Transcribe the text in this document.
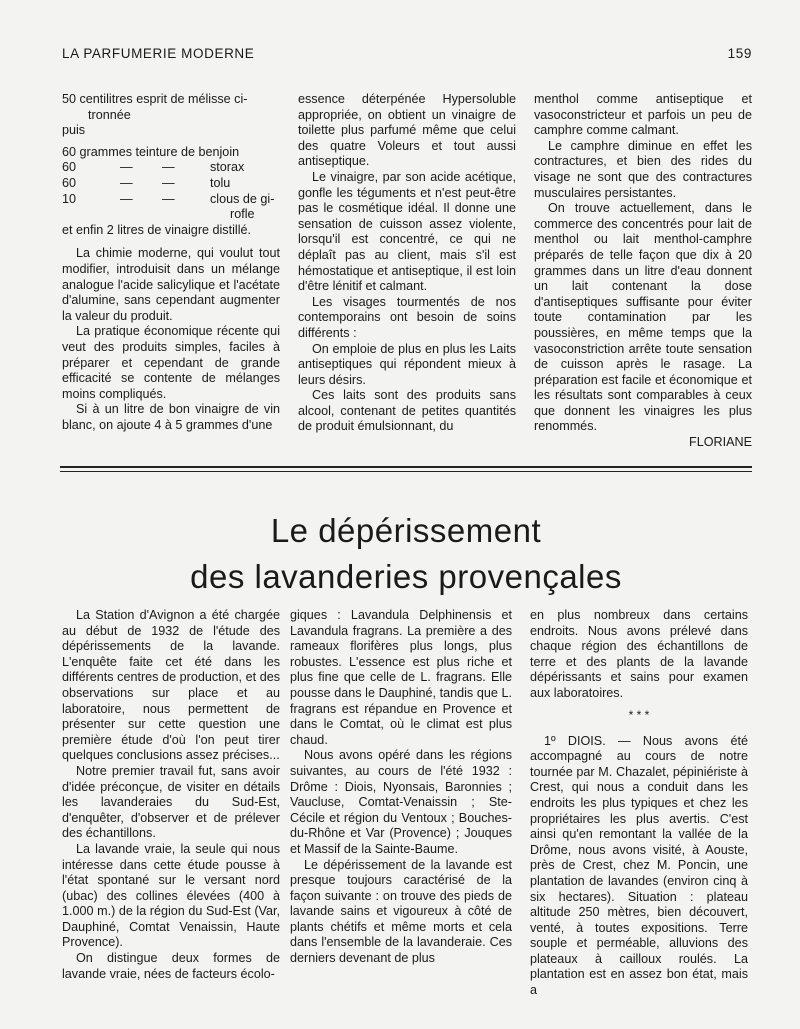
LA PARFUMERIE MODERNE	159
50 centilitres esprit de mélisse ci-
tronnée
puis
60 grammes teinture de benjoin
60	— —	storax
60	— —	tolu
10	— —	clous de gi-
rofle
et enfin 2 litres de vinaigre distillé.

La chimie moderne, qui voulut tout modifier, introduisit dans un mélange analogue l'acide salicylique et l'acétate d'alumine, sans cependant augmenter la valeur du produit.

La pratique économique récente qui veut des produits simples, faciles à préparer et cependant de grande efficacité se contente de mélanges moins compliqués.

Si à un litre de bon vinaigre de vin blanc, on ajoute 4 à 5 grammes d'une

essence déterpénée Hypersoluble appropriée, on obtient un vinaigre de toilette plus parfumé même que celui des quatre Voleurs et tout aussi antiseptique.

Le vinaigre, par son acide acétique, gonfle les téguments et n'est peut-être pas le cosmétique idéal. Il donne une sensation de cuisson assez violente, lorsqu'il est concentré, ce qui ne déplaît pas au client, mais s'il est hémostatique et antiseptique, il est loin d'être lénitif et calmant.

Les visages tourmentés de nos contemporains ont besoin de soins différents :

On emploie de plus en plus les Laits antiseptiques qui répondent mieux à leurs désirs.

Ces laits sont des produits sans alcool, contenant de petites quantités de produit émulsionnant, du

menthol comme antiseptique et vasoconstricteur et parfois un peu de camphre comme calmant.

Le camphre diminue en effet les contractures, et bien des rides du visage ne sont que des contractures musculaires persistantes.

On trouve actuellement, dans le commerce des concentrés pour lait de menthol ou lait menthol-camphre préparés de telle façon que dix à 20 grammes dans un litre d'eau donnent un lait contenant la dose d'antiseptiques suffisante pour éviter toute contamination par les poussières, en même temps que la vasoconstriction arrête toute sensation de cuisson après le rasage. La préparation est facile et économique et les résultats sont comparables à ceux que donnent les vinaigres les plus renommés.

FLORIANE
Le dépérissement
des lavanderies provençales

La Station d'Avignon a été chargée au début de 1932 de l'étude des dépérissements de la lavande. L'enquête faite cet été dans les différents centres de production, et des observations sur place et au laboratoire, nous permettent de présenter sur cette question une première étude d'où l'on peut tirer quelques conclusions assez précises...

Notre premier travail fut, sans avoir d'idée préconçue, de visiter en détails les lavanderaies du Sud-Est, d'enquêter, d'observer et de prélever des échantillons.

La lavande vraie, la seule qui nous intéresse dans cette étude pousse à l'état spontané sur le versant nord (ubac) des collines élevées (400 à 1.000 m.) de la région du Sud-Est (Var, Dauphiné, Comtat Venaissin, Haute Provence).

On distingue deux formes de lavande vraie, nées de facteurs écolo-

giques : Lavandula Delphinensis et Lavandula fragrans. La première a des rameaux florifères plus longs, plus robustes. L'essence est plus riche et plus fine que celle de L. fragrans. Elle pousse dans le Dauphiné, tandis que L. fragrans est répandue en Provence et dans le Comtat, où le climat est plus chaud.

Nous avons opéré dans les régions suivantes, au cours de l'été 1932 : Drôme : Diois, Nyonsais, Baronnies ; Vaucluse, Comtat-Venaissin ; Ste-Cécile et région du Ventoux ; Bouches-du-Rhône et Var (Provence) ; Jouques et Massif de la Sainte-Baume.

Le dépérissement de la lavande est presque toujours caractérisé de la façon suivante : on trouve des pieds de lavande sains et vigoureux à côté de plants chétifs et même morts et cela dans l'ensemble de la lavanderaie. Ces derniers devenant de plus

en plus nombreux dans certains endroits. Nous avons prélevé dans chaque région des échantillons de terre et des plants de la lavande dépérissants et sains pour examen aux laboratoires.

* * *

1º DIOIS. — Nous avons été accompagné au cours de notre tournée par M. Chazalet, pépiniériste à Crest, qui nous a conduit dans les endroits les plus typiques et chez les propriétaires les plus avertis. C'est ainsi qu'en remontant la vallée de la Drôme, nous avons visité, à Aouste, près de Crest, chez M. Poncin, une plantation de lavandes (environ cinq à six hectares). Situation : plateau altitude 250 mètres, bien découvert, venté, à toutes expositions. Terre souple et perméable, alluvions des plateaux à cailloux roulés. La plantation est en assez bon état, mais a
